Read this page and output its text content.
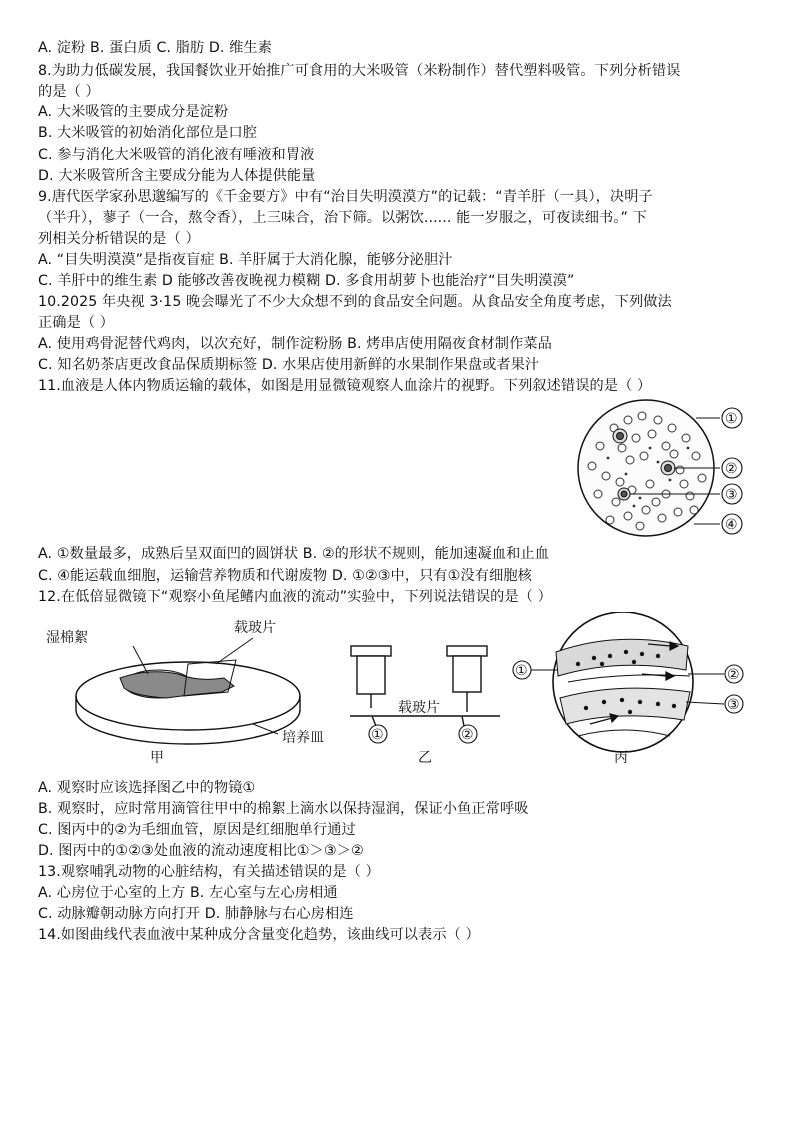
A. 淀粉 B. 蛋白质 C. 脂肪 D. 维生素
8.为助力低碳发展，我国餐饮业开始推广可食用的大米吸管（米粉制作）替代塑料吸管。下列分析错误
的是（ ）
A. 大米吸管的主要成分是淀粉
B. 大米吸管的初始消化部位是口腔
C. 参与消化大米吸管的消化液有唾液和胃液
D. 大米吸管所含主要成分能为人体提供能量
9.唐代医学家孙思邈编写的《千金要方》中有“治目失明漠漠方”的记载：“青羊肝（一具），决明子
（半升），蓼子（一合，熬令香），上三味合，治下筛。以粥饮...... 能一岁服之，可夜读细书。” 下
列相关分析错误的是（ ）
A. “目失明漠漠”是指夜盲症 B. 羊肝属于大消化腺，能够分泌胆汁
C. 羊肝中的维生素 D 能够改善夜晚视力模糊 D. 多食用胡萝卜也能治疗“目失明漠漠”
10.2025 年央视 3·15 晚会曝光了不少大众想不到的食品安全问题。从食品安全角度考虑，下列做法
正确是（ ）
A. 使用鸡骨泥替代鸡肉，以次充好，制作淀粉肠 B. 烤串店使用隔夜食材制作菜品
C. 知名奶茶店更改食品保质期标签 D. 水果店使用新鲜的水果制作果盘或者果汁
11.血液是人体内物质运输的载体，如图是用显微镜观察人血涂片的视野。下列叙述错误的是（ ）
①
②
③
④
A. ①数量最多，成熟后呈双面凹的圆饼状 B. ②的形状不规则，能加速凝血和止血
C. ④能运载血细胞，运输营养物质和代谢废物 D. ①②③中，只有①没有细胞核
12.在低倍显微镜下“观察小鱼尾鳍内血液的流动”实验中，下列说法错误的是（ ）
湿棉絮
载玻片
培养皿
甲
载玻片
①	②
乙
①	②
③
丙
A. 观察时应该选择图乙中的物镜①
B. 观察时，应时常用滴管往甲中的棉絮上滴水以保持湿润，保证小鱼正常呼吸
C. 图丙中的②为毛细血管，原因是红细胞单行通过
D. 图丙中的①②③处血液的流动速度相比①＞③＞②
13.观察哺乳动物的心脏结构，有关描述错误的是（ ）
A. 心房位于心室的上方 B. 左心室与左心房相通
C. 动脉瓣朝动脉方向打开 D. 肺静脉与右心房相连
14.如图曲线代表血液中某种成分含量变化趋势，该曲线可以表示（ ）
